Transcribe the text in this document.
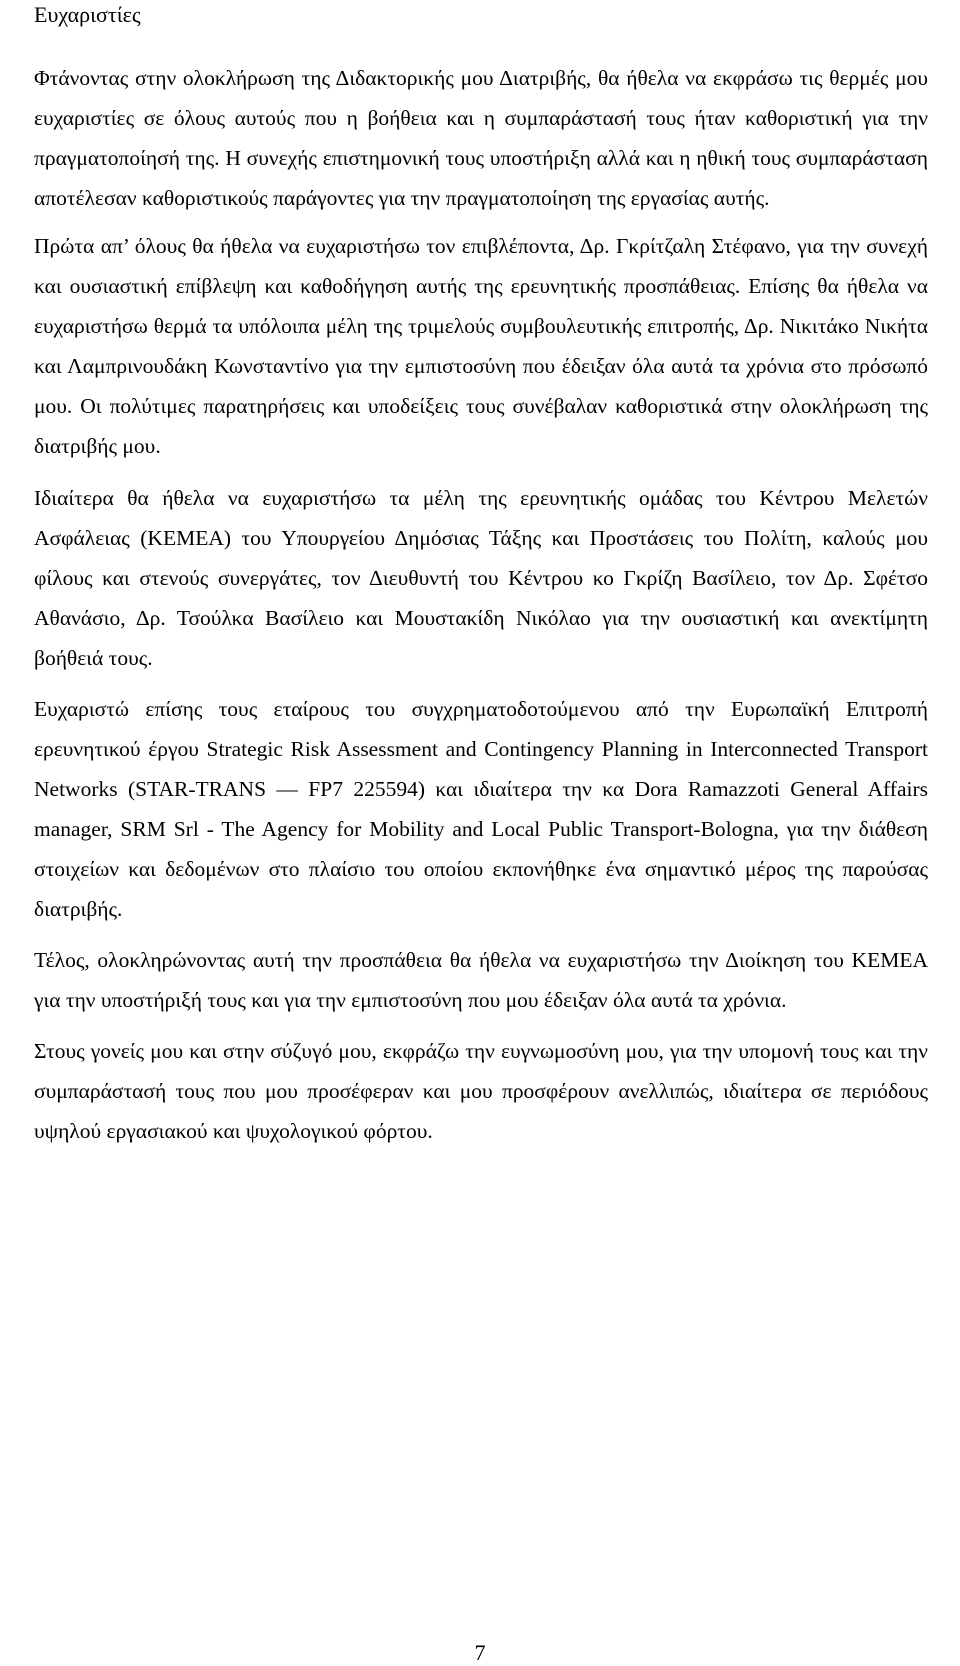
Ευχαριστίες

Φτάνοντας στην ολοκλήρωση της Διδακτορικής μου Διατριβής, θα ήθελα να εκφράσω τις θερμές μου ευχαριστίες σε όλους αυτούς που η βοήθεια και η συμπαράστασή τους ήταν καθοριστική για την πραγματοποίησή της. Η συνεχής επιστημονική τους υποστήριξη αλλά και η ηθική τους συμπαράσταση αποτέλεσαν καθοριστικούς παράγοντες για την πραγματοποίηση της εργασίας αυτής.

Πρώτα απ’ όλους θα ήθελα να ευχαριστήσω τον επιβλέποντα, Δρ. Γκρίτζαλη Στέφανο, για την συνεχή και ουσιαστική επίβλεψη και καθοδήγηση αυτής της ερευνητικής προσπάθειας. Επίσης θα ήθελα να ευχαριστήσω θερμά τα υπόλοιπα μέλη της τριμελούς συμβουλευτικής επιτροπής, Δρ. Νικιτάκο Νικήτα και Λαμπρινουδάκη Κωνσταντίνο για την εμπιστοσύνη που έδειξαν όλα αυτά τα χρόνια στο πρόσωπό μου. Οι πολύτιμες παρατηρήσεις και υποδείξεις τους συνέβαλαν καθοριστικά στην ολοκλήρωση της διατριβής μου.

Ιδιαίτερα θα ήθελα να ευχαριστήσω τα μέλη της ερευνητικής ομάδας του Κέντρου Μελετών Ασφάλειας (ΚΕΜΕΑ) του Υπουργείου Δημόσιας Τάξης και Προστάσεις του Πολίτη, καλούς μου φίλους και στενούς συνεργάτες, τον Διευθυντή του Κέντρου κο Γκρίζη Βασίλειο, τον Δρ. Σφέτσο Αθανάσιο, Δρ. Τσούλκα Βασίλειο και Μουστακίδη Νικόλαο για την ουσιαστική και ανεκτίμητη βοήθειά τους.

Ευχαριστώ επίσης τους εταίρους του συγχρηματοδοτούμενου από την Ευρωπαϊκή Επιτροπή ερευνητικού έργου Strategic Risk Assessment and Contingency Planning in Interconnected Transport Networks (STAR-TRANS ― FP7 225594) και ιδιαίτερα την κα Dora Ramazzoti General Affairs manager, SRM Srl - The Agency for Mobility and Local Public Transport-Bologna, για την διάθεση στοιχείων και δεδομένων στο πλαίσιο του οποίου εκπονήθηκε ένα σημαντικό μέρος της παρούσας διατριβής.

Τέλος, ολοκληρώνοντας αυτή την προσπάθεια θα ήθελα να ευχαριστήσω την Διοίκηση του ΚΕΜΕΑ για την υποστήριξή τους και για την εμπιστοσύνη που μου έδειξαν όλα αυτά τα χρόνια.

Στους γονείς μου και στην σύζυγό μου, εκφράζω την ευγνωμοσύνη μου, για την υπομονή τους και την συμπαράστασή τους που μου προσέφεραν και μου προσφέρουν ανελλιπώς, ιδιαίτερα σε περιόδους υψηλού εργασιακού και ψυχολογικού φόρτου.

7
